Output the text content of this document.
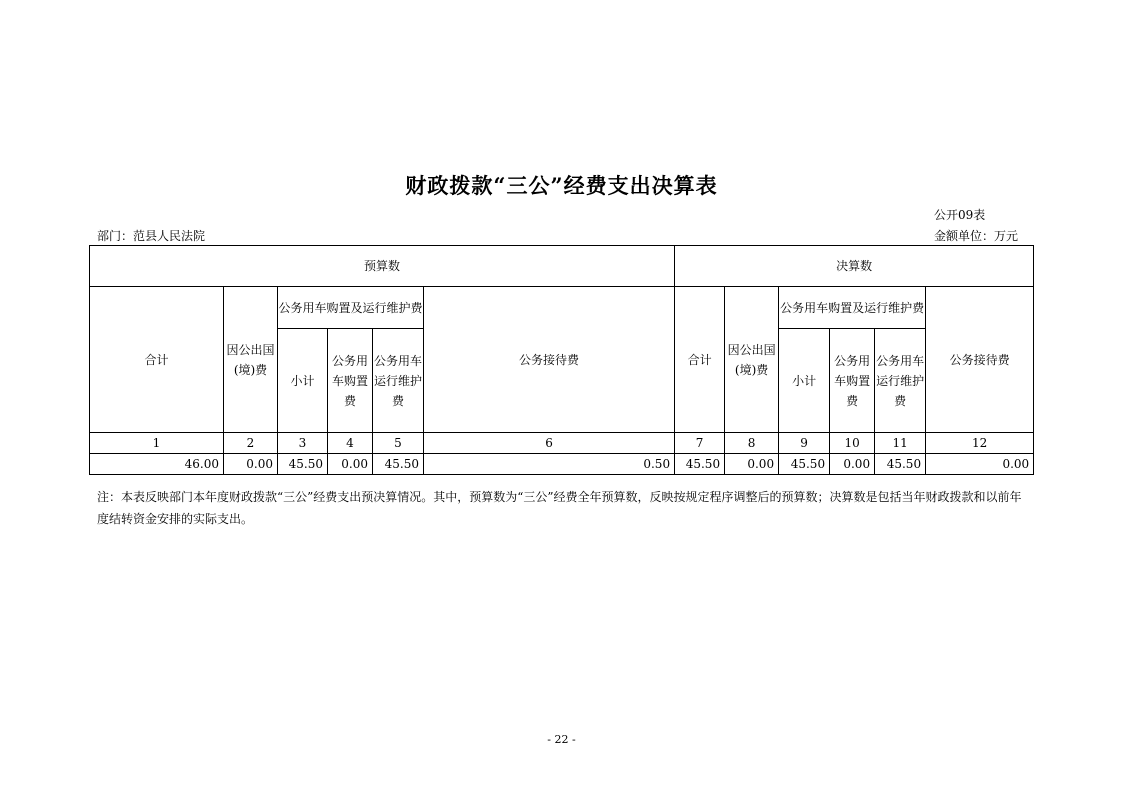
财政拨款“三公”经费支出决算表
公开09表
部门：范县人民法院	金额单位：万元
预算数						决算数					
合计	因公出国(境)费	公务用车购置及运行维护费			公务接待费	合计	因公出国(境)费	公务用车购置及运行维护费			公务接待费
		小计	公务用车购置费	公务用车运行维护费				小计	公务用车购置费	公务用车运行维护费	
1	2	3	4	5	6	7	8	9	10	11	12
46.00	0.00	45.50	0.00	45.50	0.50	45.50	0.00	45.50	0.00	45.50	0.00
注：本表反映部门本年度财政拨款“三公”经费支出预决算情况。其中，预算数为“三公”经费全年预算数，反映按规定程序调整后的预算数；决算数是包括当年财政拨款和以前年度结转资金安排的实际支出。
- 22 -
